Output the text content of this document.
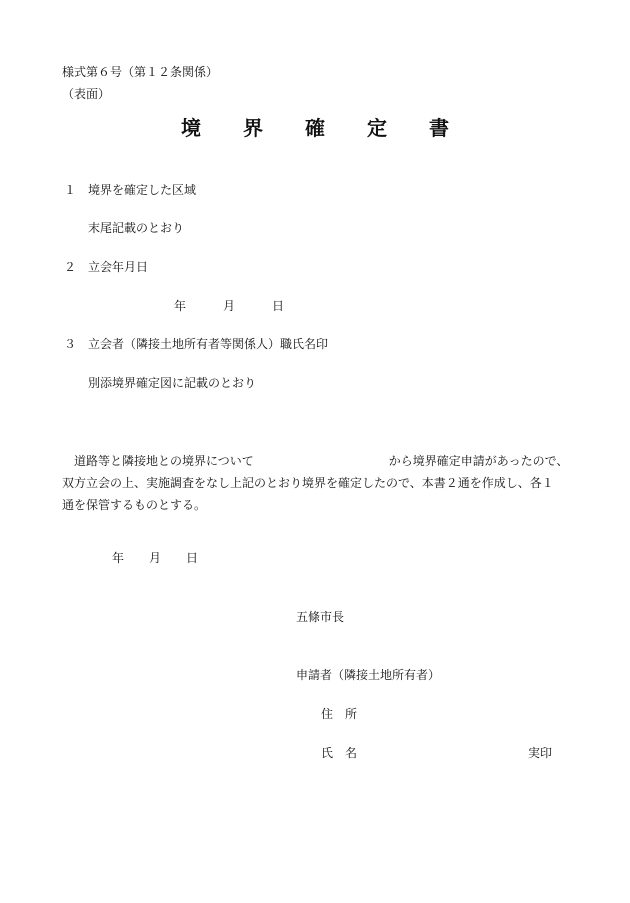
様式第６号（第１２条関係）
（表面）
境 界 確 定 書
１ 境界を確定した区域
末尾記載のとおり
２ 立会年月日
年	月	日
３ 立会者（隣接土地所有者等関係人）職氏名印
別添境界確定図に記載のとおり
道路等と隣接地との境界について	から境界確定申請があったので、
双方立会の上、実施調査をなし上記のとおり境界を確定したので、本書２通を作成し、各１
通を保管するものとする。
年 月 日
五條市長
申請者（隣接土地所有者）
住　所
氏　名	実印
